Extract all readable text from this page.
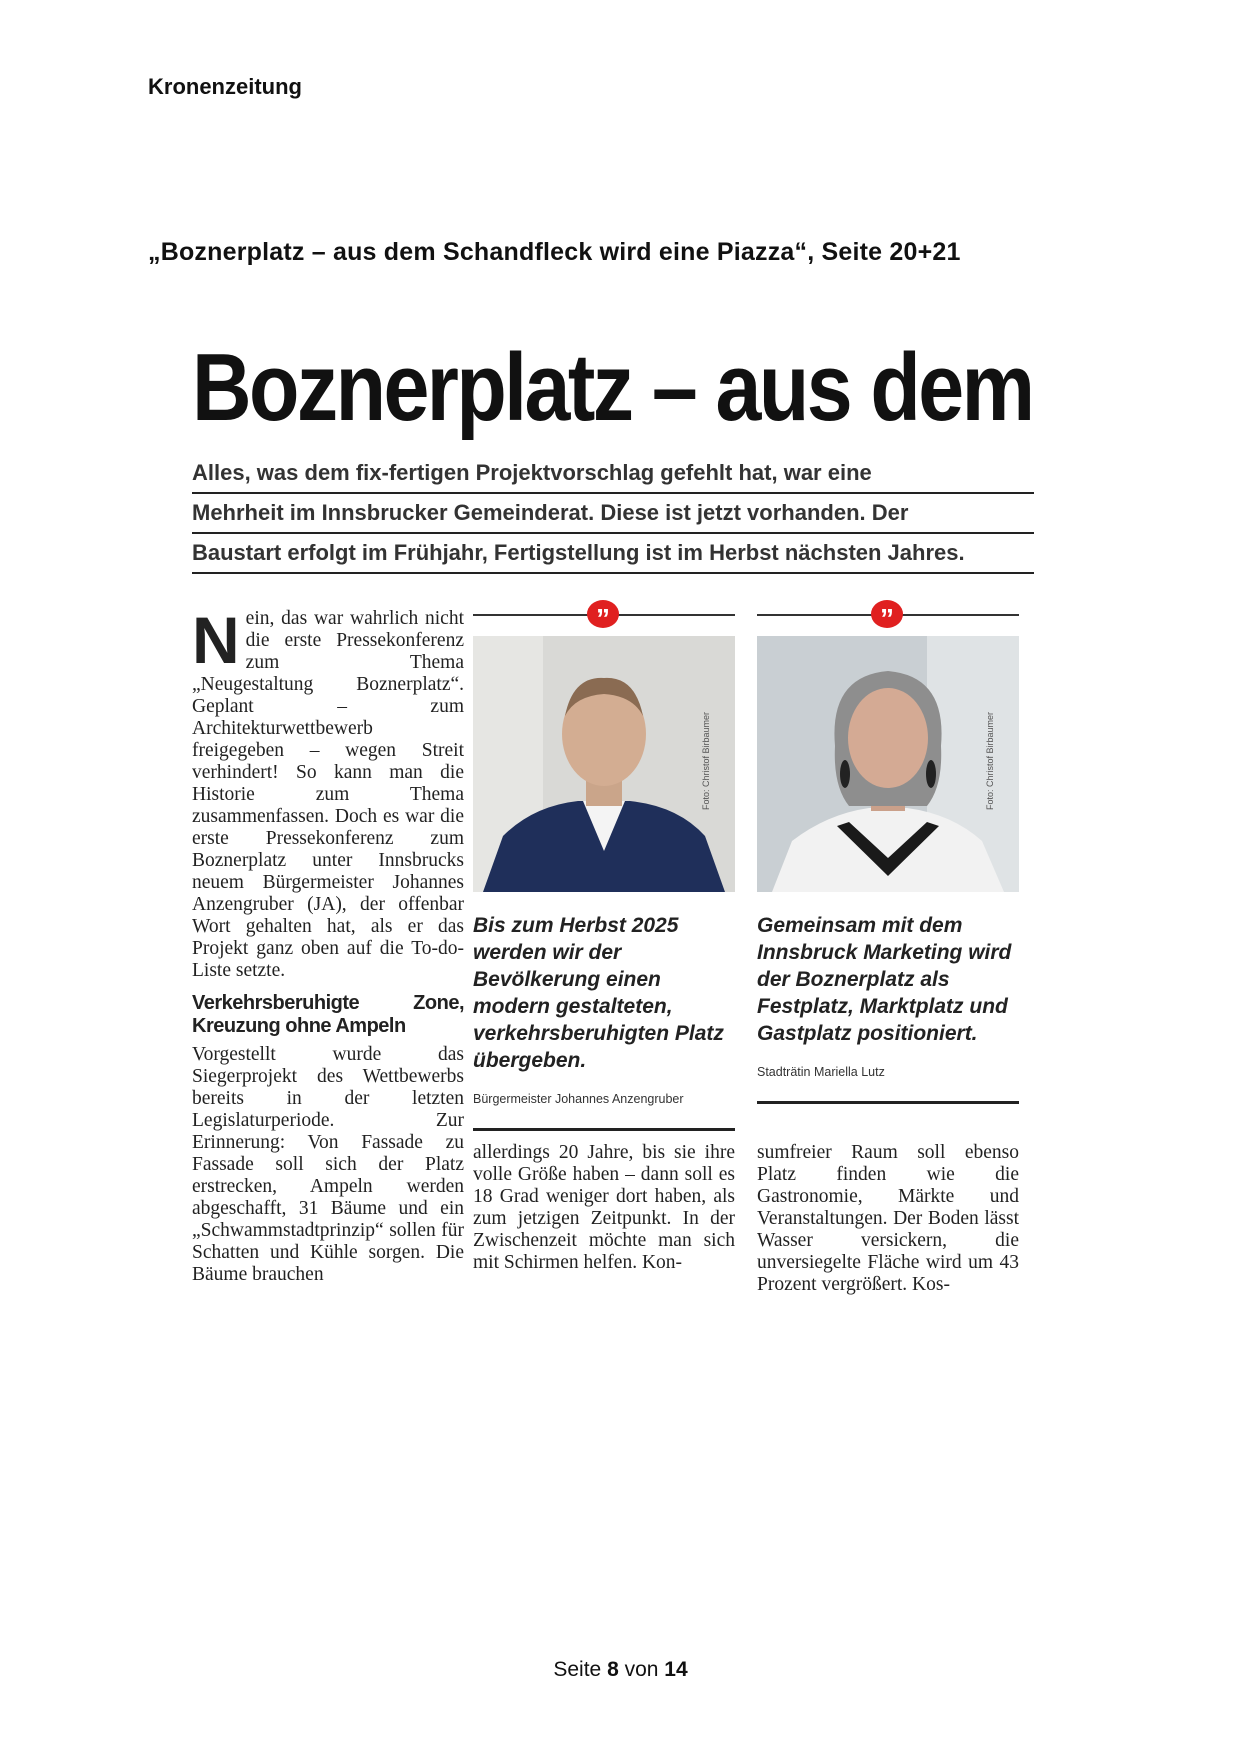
Kronenzeitung
„Boznerplatz – aus dem Schandfleck wird eine Piazza“, Seite 20+21
Boznerplatz – aus dem
Alles, was dem fix-fertigen Projektvorschlag gefehlt hat, war eine
Mehrheit im Innsbrucker Gemeinderat. Diese ist jetzt vorhanden. Der
Baustart erfolgt im Frühjahr, Fertigstellung ist im Herbst nächsten Jahres.
N ein, das war wahrlich nicht die erste Pressekonferenz zum Thema „Neugestaltung Boznerplatz“. Geplant – zum Architekturwettbewerb freigegeben – wegen Streit verhindert! So kann man die Historie zum Thema zusammenfassen. Doch es war die erste Pressekonferenz zum Boznerplatz unter Innsbrucks neuem Bürgermeister Johannes Anzengruber (JA), der offenbar Wort gehalten hat, als er das Projekt ganz oben auf die To-do-Liste setzte.
Verkehrsberuhigte Zone, Kreuzung ohne Ampeln
Vorgestellt wurde das Siegerprojekt des Wettbewerbs bereits in der letzten Legislaturperiode. Zur Erinnerung: Von Fassade zu Fassade soll sich der Platz erstrecken, Ampeln werden abgeschafft, 31 Bäume und ein „Schwammstadtprinzip“ sollen für Schatten und Kühle sorgen. Die Bäume brauchen
”
Foto: Christof Birbaumer
Bis zum Herbst 2025 werden wir der Bevölkerung einen modern gestalteten, verkehrsberuhigten Platz übergeben.
Bürgermeister Johannes Anzengruber
”
Foto: Christof Birbaumer
Gemeinsam mit dem Innsbruck Marketing wird der Boznerplatz als Festplatz, Marktplatz und Gastplatz positioniert.
Stadträtin Mariella Lutz
allerdings 20 Jahre, bis sie ihre volle Größe haben – dann soll es 18 Grad weniger dort haben, als zum jetzigen Zeitpunkt. In der Zwischenzeit möchte man sich mit Schirmen helfen. Kon-
sumfreier Raum soll ebenso Platz finden wie die Gastronomie, Märkte und Veranstaltungen. Der Boden lässt Wasser versickern, die unversiegelte Fläche wird um 43 Prozent vergrößert. Kos-
Seite 8 von 14
